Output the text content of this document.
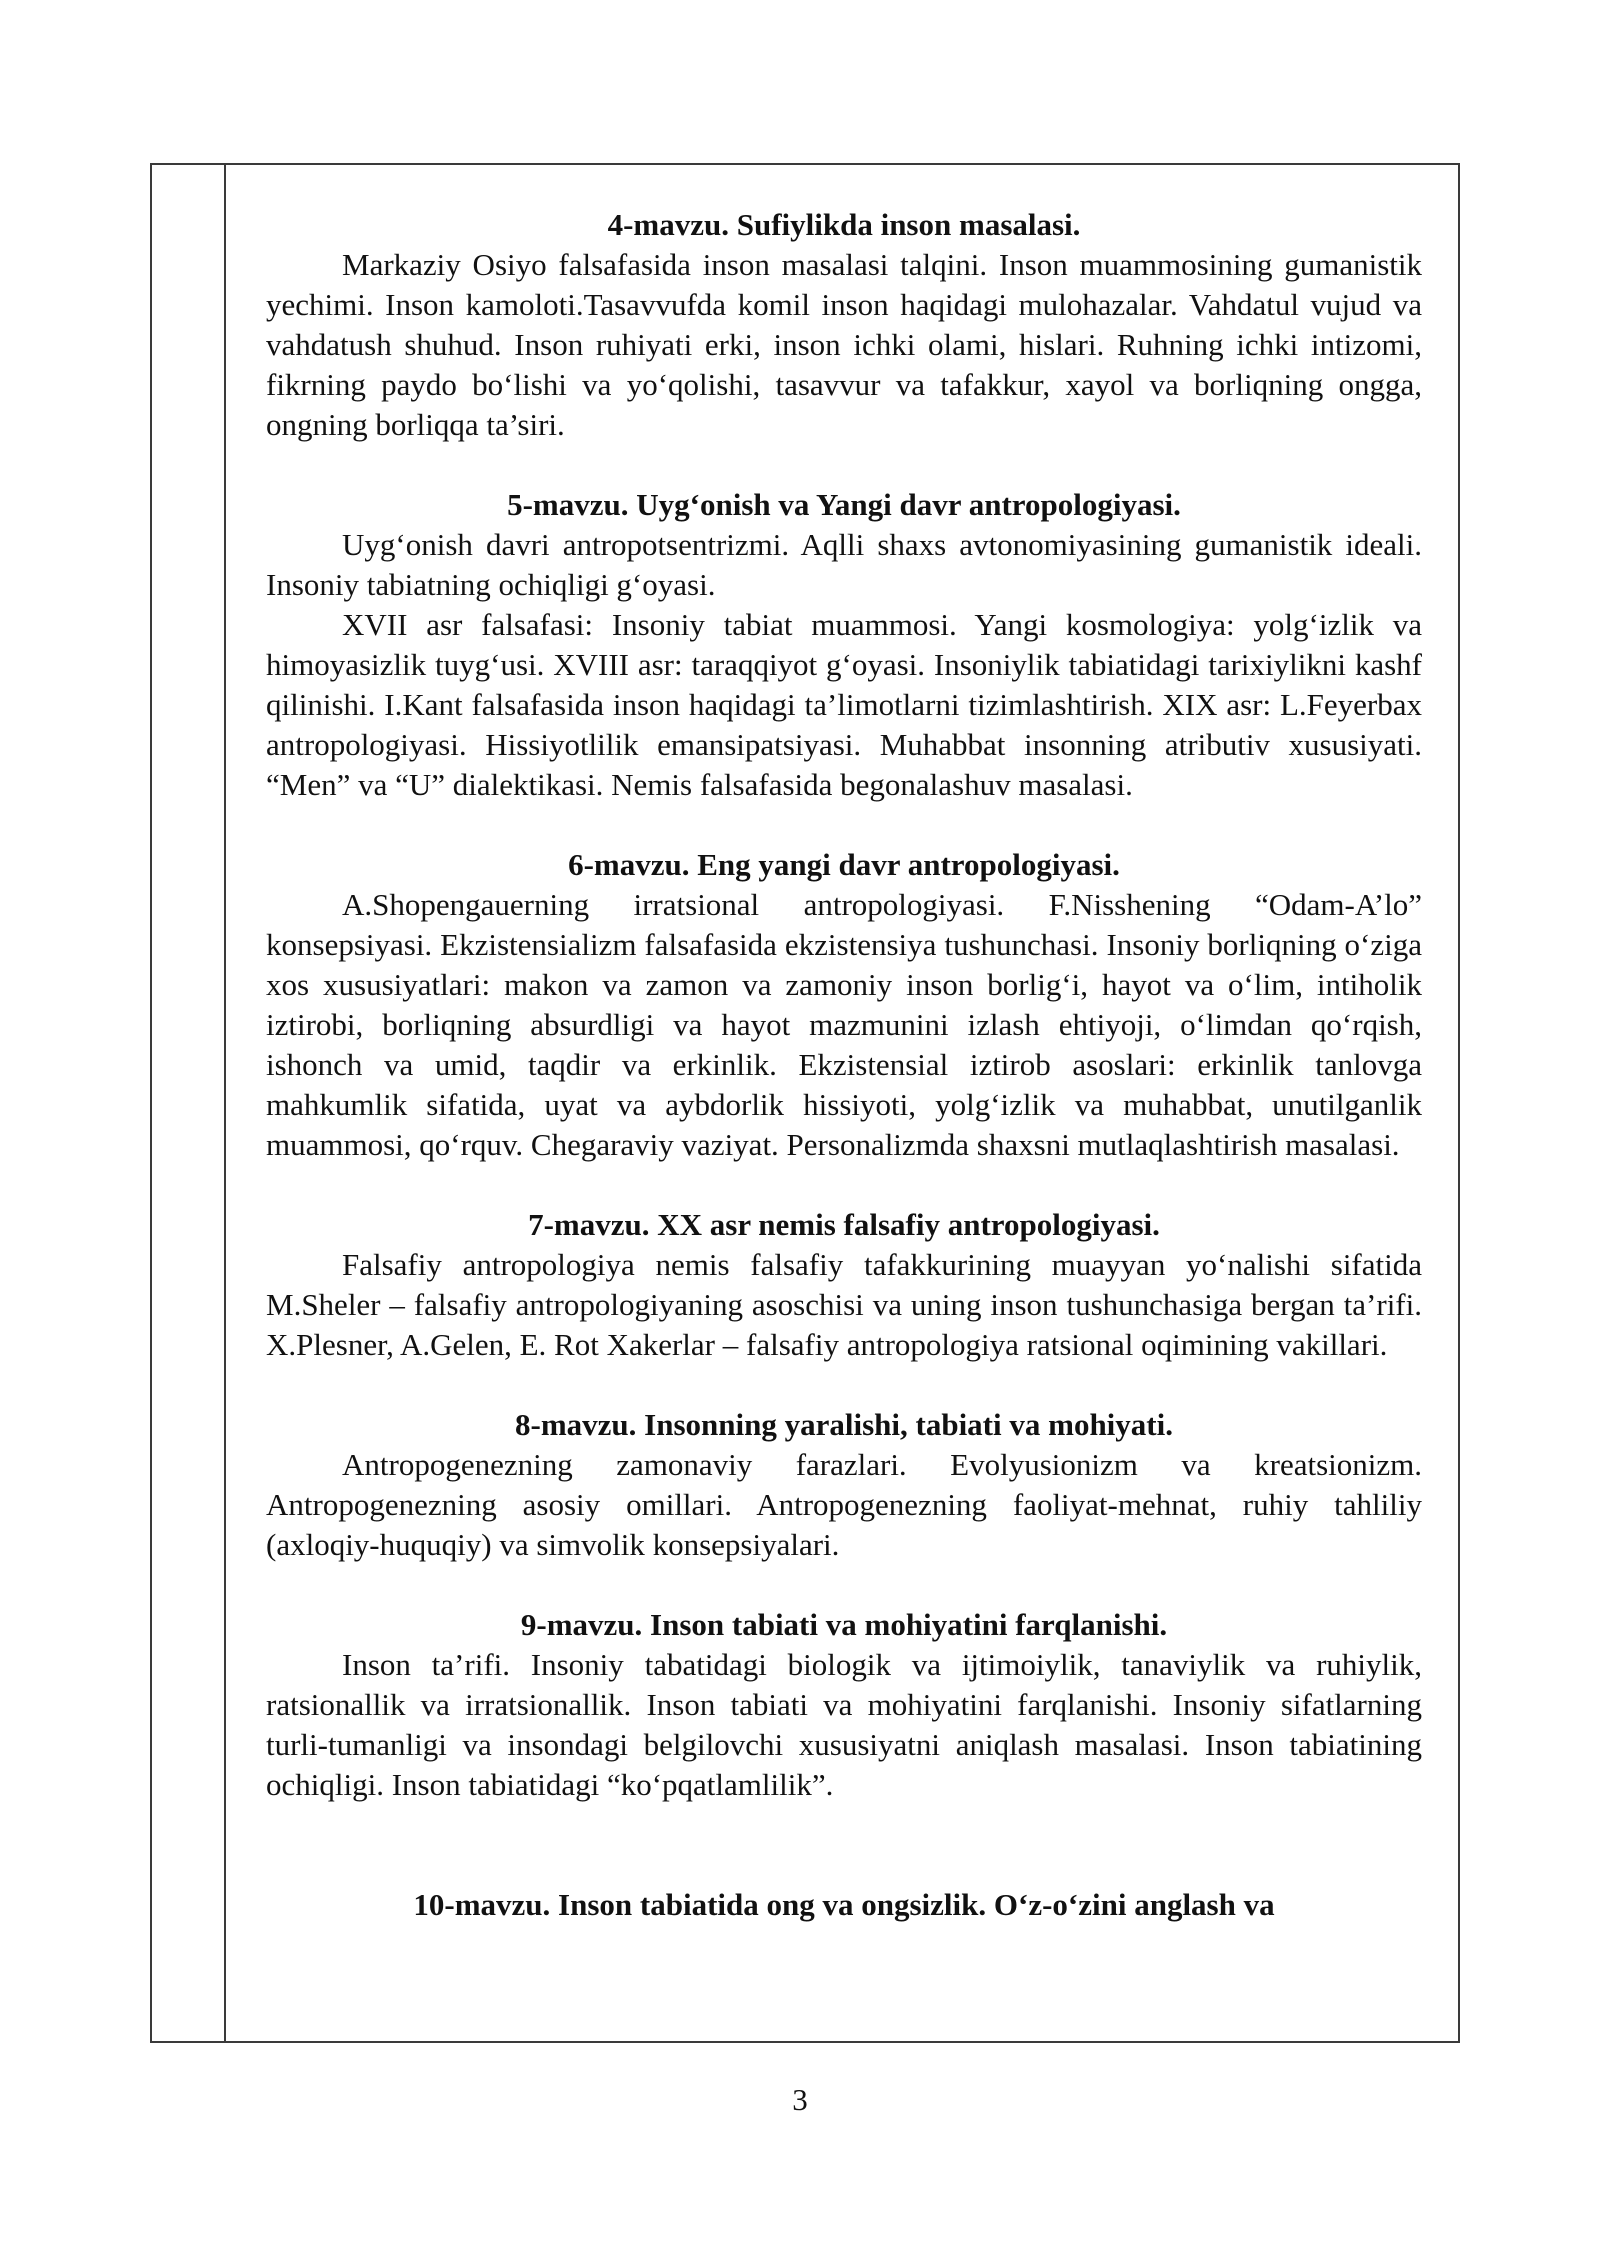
4-mavzu. Sufiylikda inson masalasi.

Markaziy Osiyo falsafasida inson masalasi talqini. Inson muammosining gumanistik yechimi. Inson kamoloti.Tasavvufda komil inson haqidagi mulohazalar. Vahdatul vujud va vahdatush shuhud. Inson ruhiyati erki, inson ichki olami, hislari. Ruhning ichki intizomi, fikrning paydo bo‘lishi va yo‘qolishi, tasavvur va tafakkur, xayol va borliqning ongga, ongning borliqqa ta’siri.

5-mavzu. Uyg‘onish va Yangi davr antropologiyasi.

Uyg‘onish davri antropotsentrizmi. Aqlli shaxs avtonomiyasining gumanistik ideali. Insoniy tabiatning ochiqligi g‘oyasi.

XVII asr falsafasi: Insoniy tabiat muammosi. Yangi kosmologiya: yolg‘izlik va himoyasizlik tuyg‘usi. XVIII asr: taraqqiyot g‘oyasi. Insoniylik tabiatidagi tarixiylikni kashf qilinishi. I.Kant falsafasida inson haqidagi ta’limotlarni tizimlashtirish. XIX asr: L.Feyerbax antropologiyasi. Hissiyotlilik emansipatsiyasi. Muhabbat insonning atributiv xususiyati. “Men” va “U” dialektikasi. Nemis falsafasida begonalashuv masalasi.

6-mavzu. Eng yangi davr antropologiyasi.

A.Shopengauerning irratsional antropologiyasi. F.Nisshening “Odam-A’lo” konsepsiyasi. Ekzistensializm falsafasida ekzistensiya tushunchasi. Insoniy borliqning o‘ziga xos xususiyatlari: makon va zamon va zamoniy inson borlig‘i, hayot va o‘lim, intiholik iztirobi, borliqning absurdligi va hayot mazmunini izlash ehtiyoji, o‘limdan qo‘rqish, ishonch va umid, taqdir va erkinlik. Ekzistensial iztirob asoslari: erkinlik tanlovga mahkumlik sifatida, uyat va aybdorlik hissiyoti, yolg‘izlik va muhabbat, unutilganlik muammosi, qo‘rquv. Chegaraviy vaziyat. Personalizmda shaxsni mutlaqlashtirish masalasi.

7-mavzu. XX asr nemis falsafiy antropologiyasi.

Falsafiy antropologiya nemis falsafiy tafakkurining muayyan yo‘nalishi sifatida M.Sheler – falsafiy antropologiyaning asoschisi va uning inson tushunchasiga bergan ta’rifi. X.Plesner, A.Gelen, E. Rot Xakerlar – falsafiy antropologiya ratsional oqimining vakillari.

8-mavzu. Insonning yaralishi, tabiati va mohiyati.

Antropogenezning zamonaviy farazlari. Evolyusionizm va kreatsionizm. Antropogenezning asosiy omillari. Antropogenezning faoliyat-mehnat, ruhiy tahliliy (axloqiy-huquqiy) va simvolik konsepsiyalari.

9-mavzu. Inson tabiati va mohiyatini farqlanishi.

Inson ta’rifi. Insoniy tabatidagi biologik va ijtimoiylik, tanaviylik va ruhiylik, ratsionallik va irratsionallik. Inson tabiati va mohiyatini farqlanishi. Insoniy sifatlarning turli-tumanligi va insondagi belgilovchi xususiyatni aniqlash masalasi. Inson tabiatining ochiqligi. Inson tabiatidagi “ko‘pqatlamlilik”.

10-mavzu. Inson tabiatida ong va ongsizlik. O‘z-o‘zini anglash va

3
